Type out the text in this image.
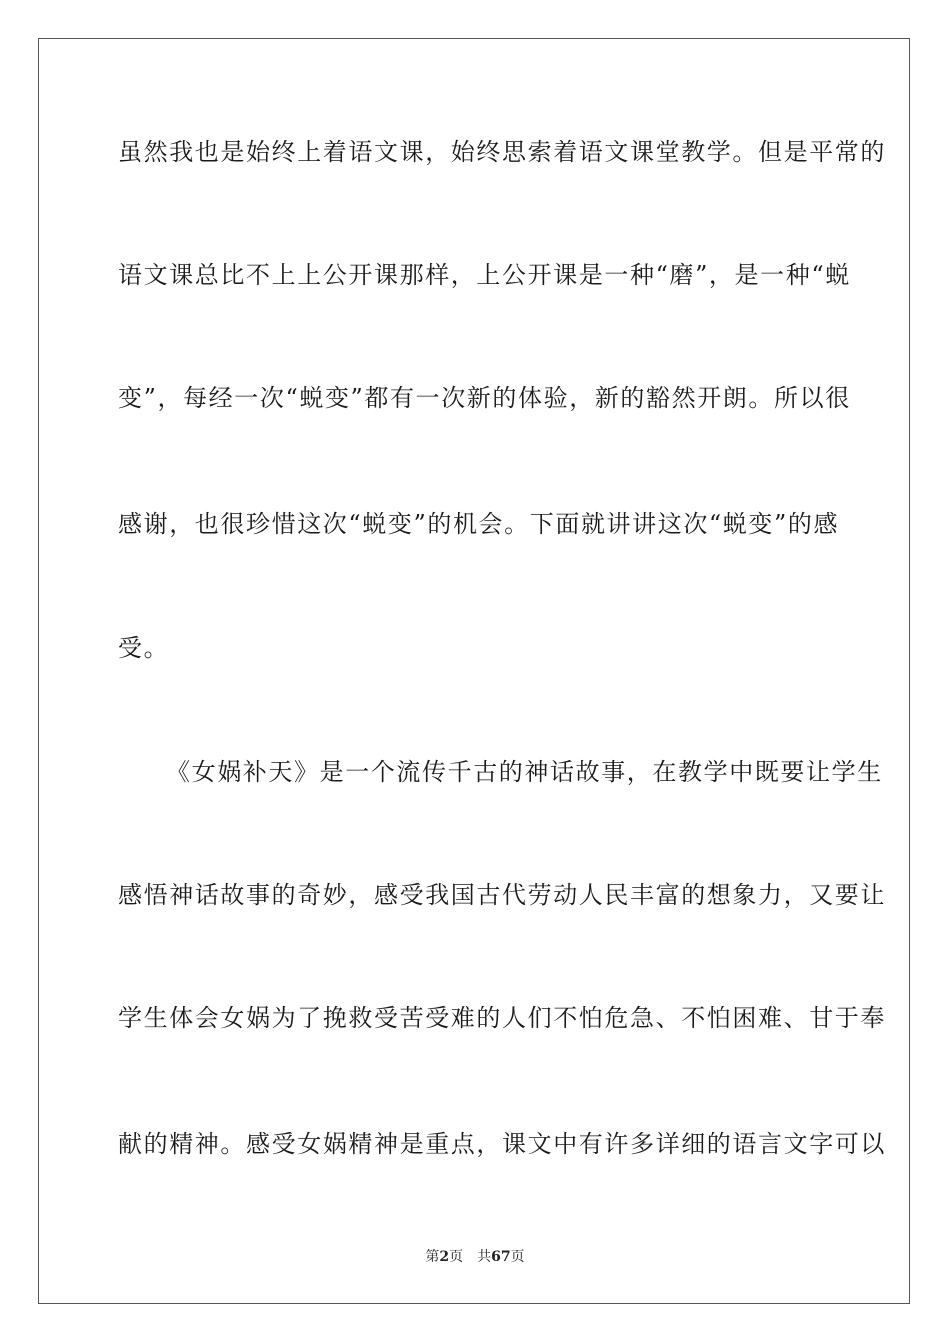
虽然我也是始终上着语文课，始终思索着语文课堂教学。但是平常的
语文课总比不上上公开课那样，上公开课是一种“磨”，是一种“蜕
变”，每经一次“蜕变”都有一次新的体验，新的豁然开朗。所以很
感谢，也很珍惜这次“蜕变”的机会。下面就讲讲这次“蜕变”的感
受。
《女娲补天》是一个流传千古的神话故事，在教学中既要让学生
感悟神话故事的奇妙，感受我国古代劳动人民丰富的想象力，又要让
学生体会女娲为了挽救受苦受难的人们不怕危急、不怕困难、甘于奉
献的精神。感受女娲精神是重点，课文中有许多详细的语言文字可以
第2页 共67页
